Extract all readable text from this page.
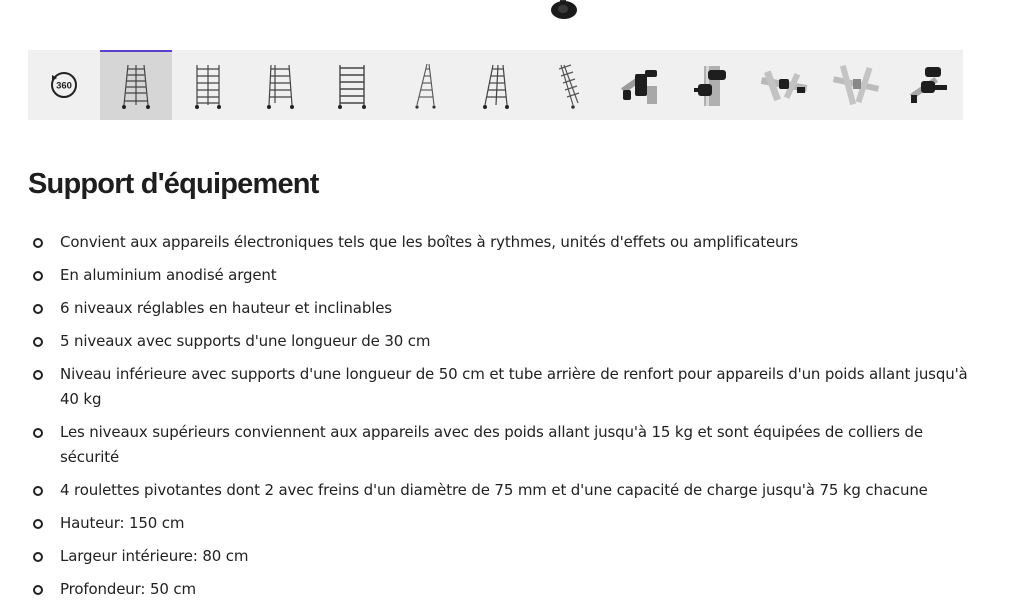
360
Support d'équipement
Convient aux appareils électroniques tels que les boîtes à rythmes, unités d'effets ou amplificateurs
En aluminium anodisé argent
6 niveaux réglables en hauteur et inclinables
5 niveaux avec supports d'une longueur de 30 cm
Niveau inférieure avec supports d'une longueur de 50 cm et tube arrière de renfort pour appareils d'un poids allant jusqu'à 40 kg
Les niveaux supérieurs conviennent aux appareils avec des poids allant jusqu'à 15 kg et sont équipées de colliers de sécurité
4 roulettes pivotantes dont 2 avec freins d'un diamètre de 75 mm et d'une capacité de charge jusqu'à 75 kg chacune
Hauteur: 150 cm
Largeur intérieure: 80 cm
Profondeur: 50 cm
